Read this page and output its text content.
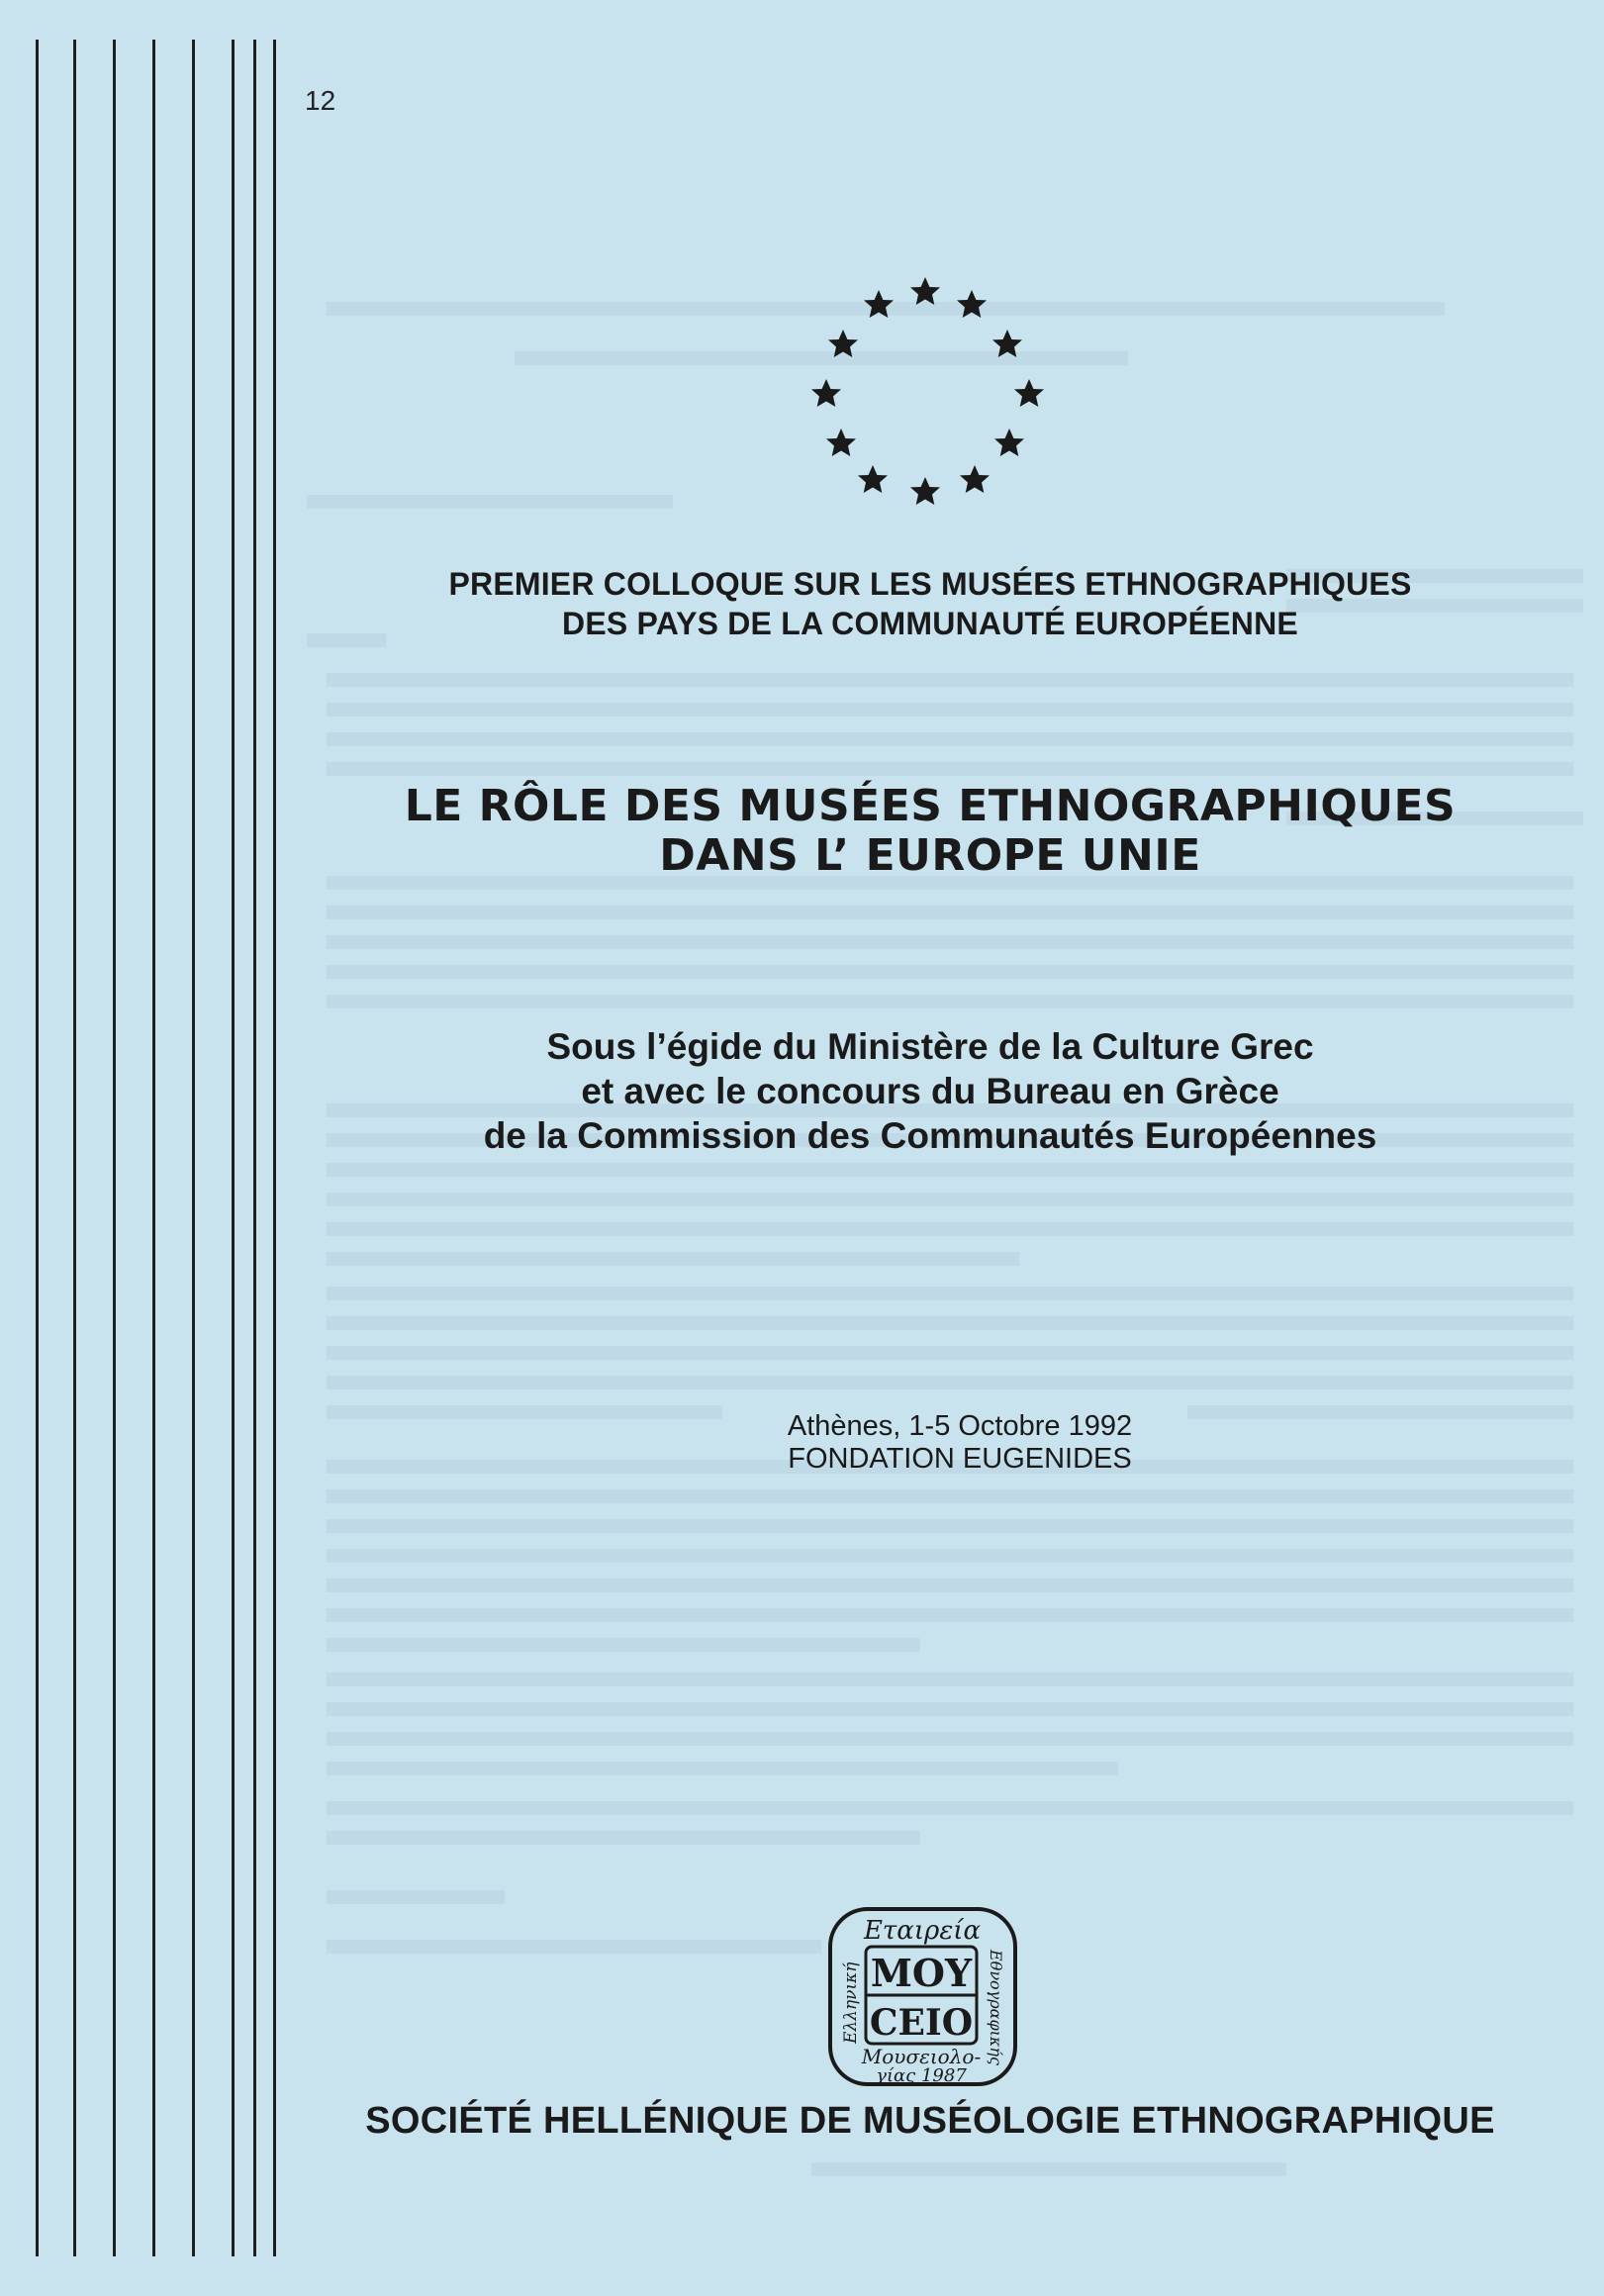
12
PREMIER COLLOQUE SUR LES MUSÉES ETHNOGRAPHIQUES
DES PAYS DE LA COMMUNAUTÉ EUROPÉENNE
LE RÔLE DES MUSÉES ETHNOGRAPHIQUES
DANS L’ EUROPE UNIE
Sous l’égide du Ministère de la Culture Grec
et avec le concours du Bureau en Grèce
de la Commission des Communautés Européennes
Athènes, 1-5 Octobre 1992
FONDATION EUGENIDES
Εταιρεία
Ελληνική	Εθνογραφικής
ΜΟΥ
CΕΙΟ
Μουσειολο-
γίας 1987
SOCIÉTÉ HELLÉNIQUE DE MUSÉOLOGIE ETHNOGRAPHIQUE
